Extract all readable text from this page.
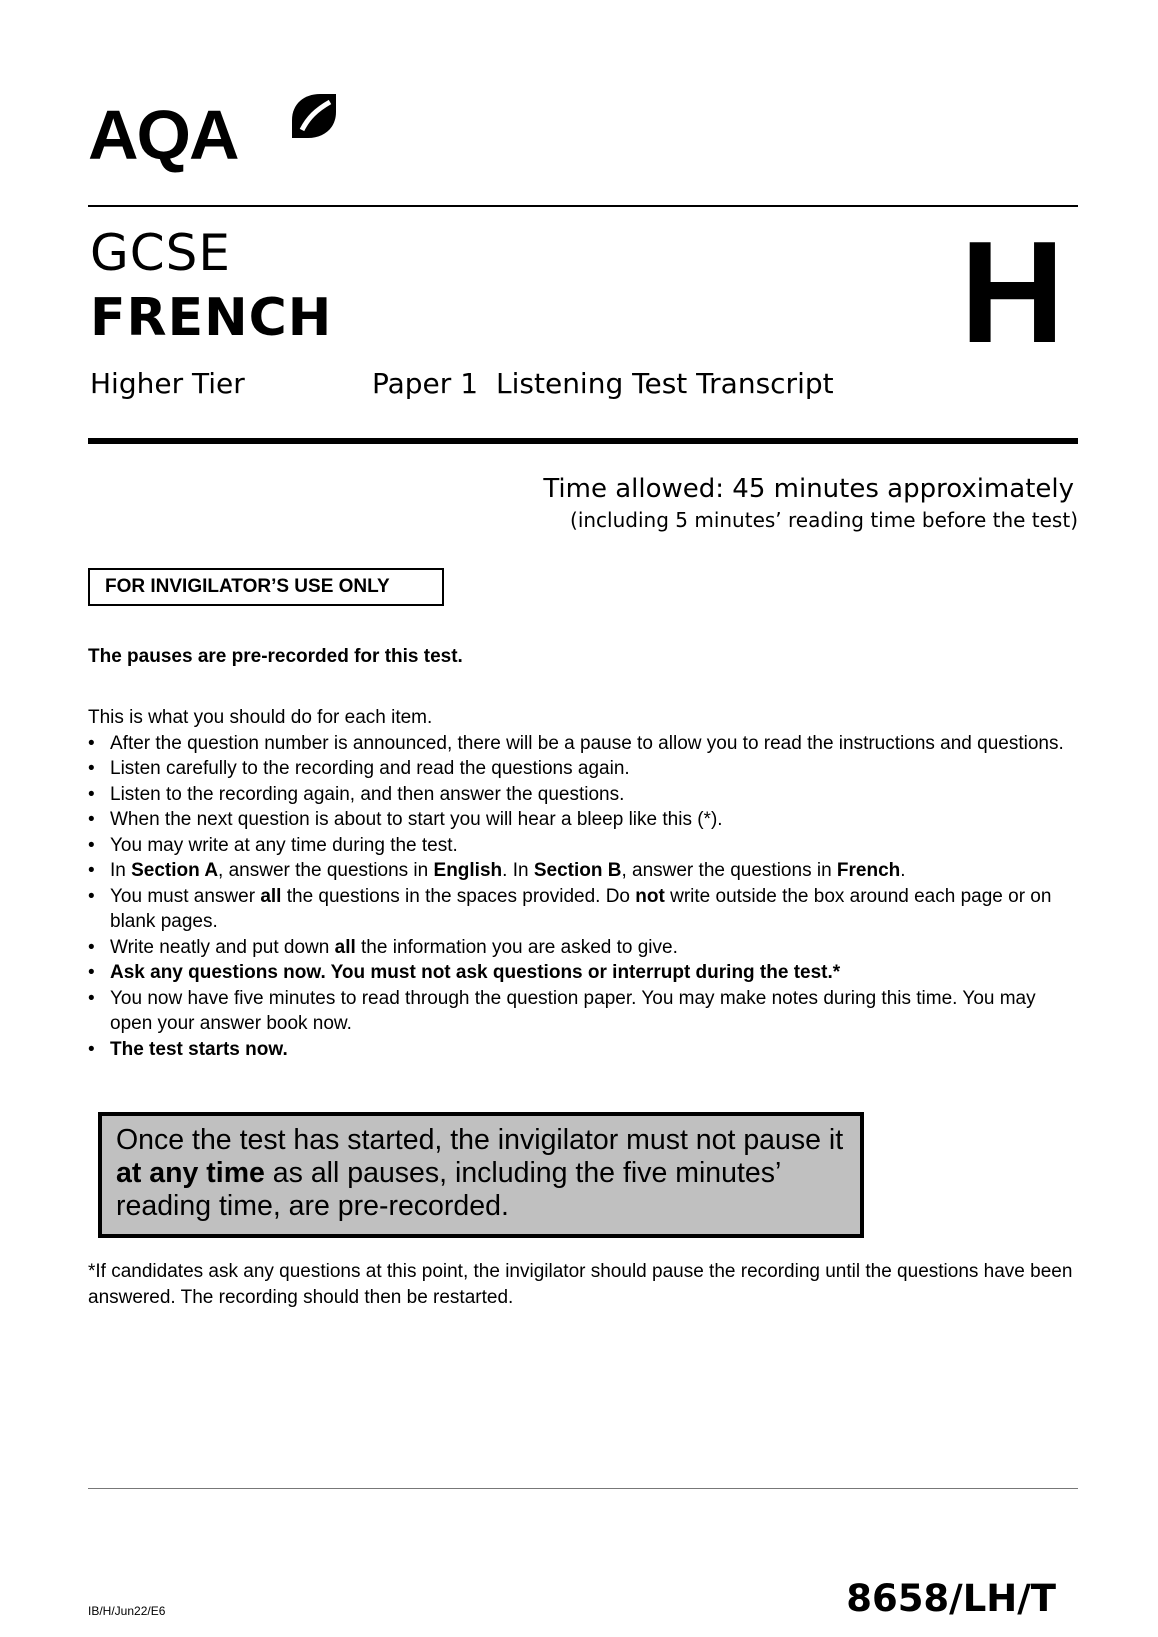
AQA
GCSE
FRENCH	H
Higher Tier	Paper 1 Listening Test Transcript
Time allowed: 45 minutes approximately
(including 5 minutes’ reading time before the test)
FOR INVIGILATOR’S USE ONLY
The pauses are pre-recorded for this test.
This is what you should do for each item.
• After the question number is announced, there will be a pause to allow you to read the instructions and questions.
• Listen carefully to the recording and read the questions again.
• Listen to the recording again, and then answer the questions.
• When the next question is about to start you will hear a bleep like this (*).
• You may write at any time during the test.
• In Section A, answer the questions in English. In Section B, answer the questions in French.
• You must answer all the questions in the spaces provided. Do not write outside the box around each page or on blank pages.
• Write neatly and put down all the information you are asked to give.
• Ask any questions now. You must not ask questions or interrupt during the test.*
• You now have five minutes to read through the question paper. You may make notes during this time. You may open your answer book now.
• The test starts now.
Once the test has started, the invigilator must not pause it at any time as all pauses, including the five minutes’ reading time, are pre-recorded.
*If candidates ask any questions at this point, the invigilator should pause the recording until the questions have been answered. The recording should then be restarted.
IB/H/Jun22/E6	8658/LH/T
